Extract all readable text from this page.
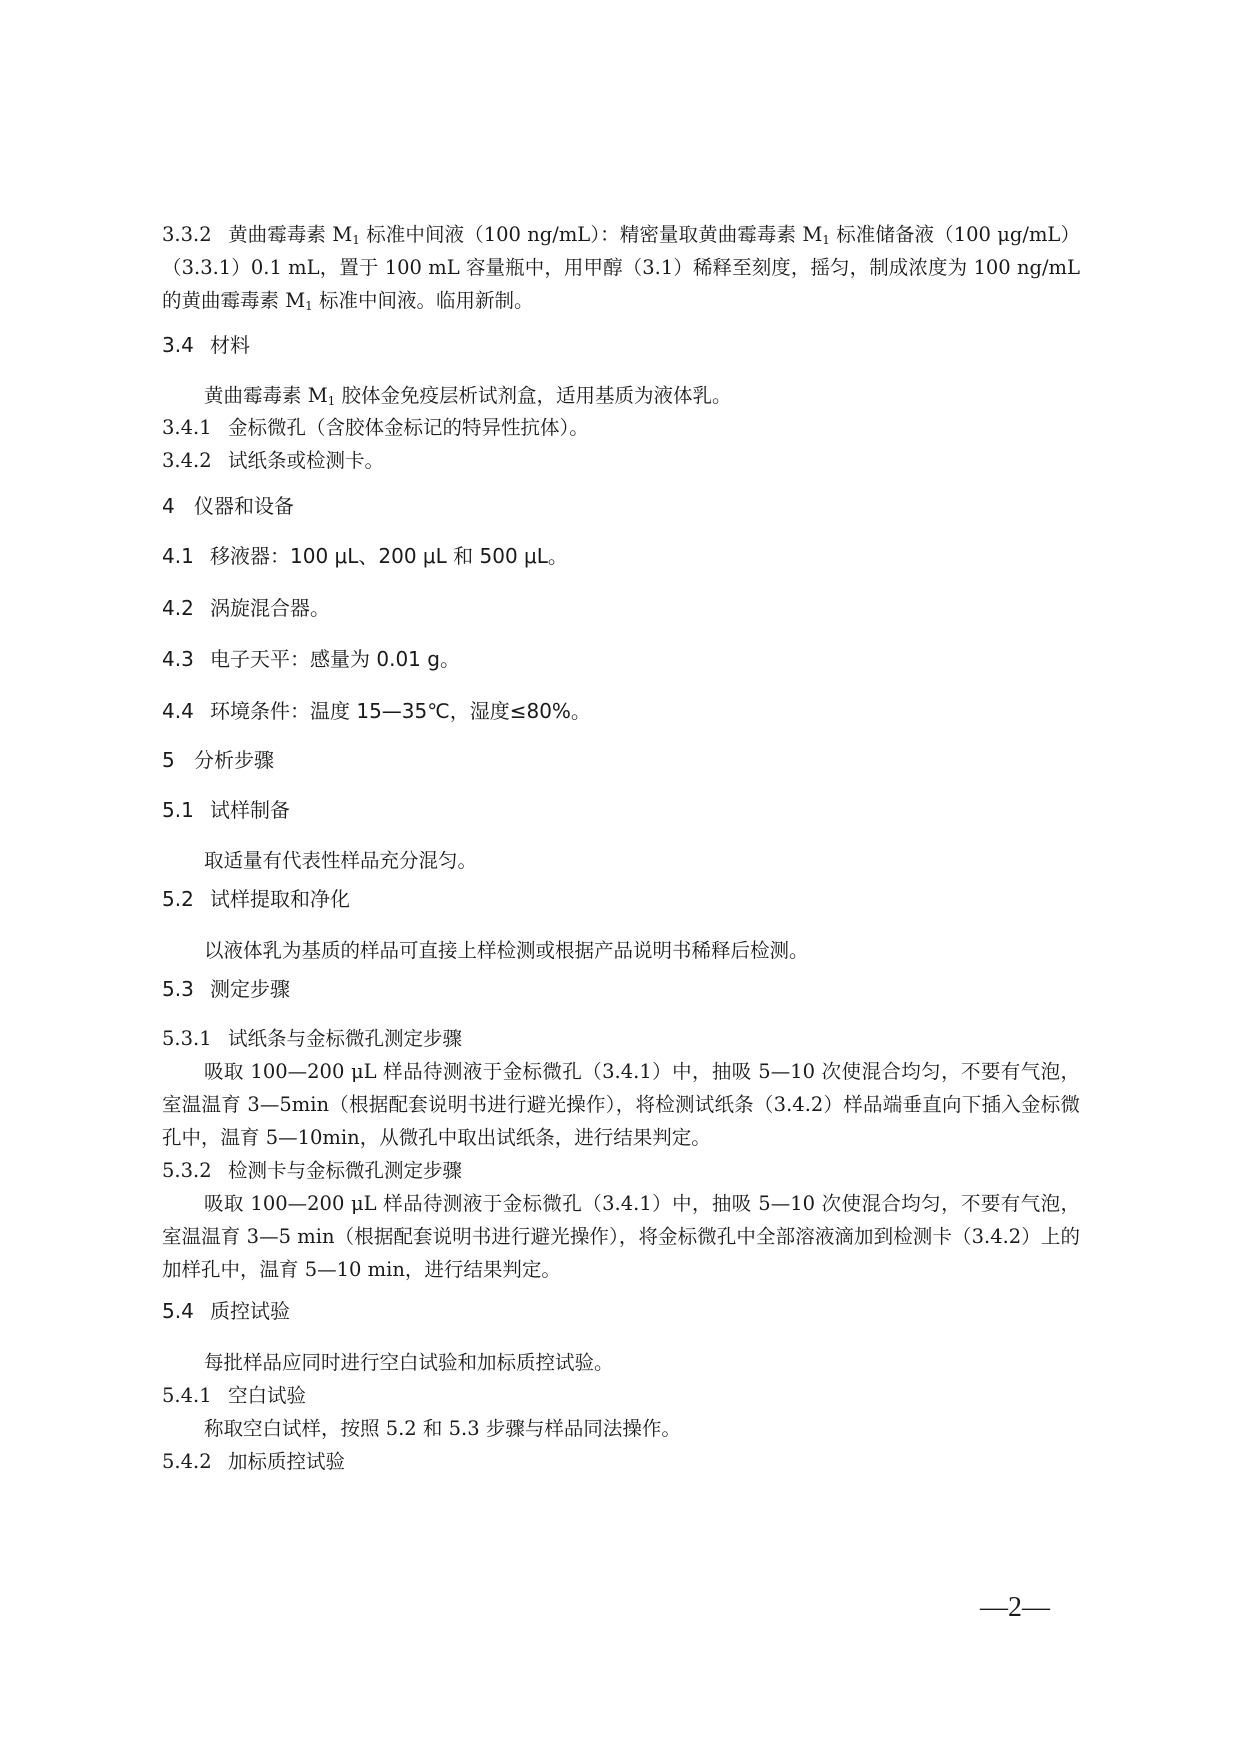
3.3.2 黄曲霉毒素 $M_1$ 标准中间液（100 ng/mL）：精密量取黄曲霉毒素 $M_1$ 标准储备液（100 μg/mL）（3.3.1）0.1 mL，置于 100 mL 容量瓶中，用甲醇（3.1）稀释至刻度，摇匀，制成浓度为 100 ng/mL 的黄曲霉毒素 $M_1$ 标准中间液。临用新制。
3.4 材料
黄曲霉毒素 $M_1$ 胶体金免疫层析试剂盒，适用基质为液体乳。
3.4.1 金标微孔（含胶体金标记的特异性抗体）。
3.4.2 试纸条或检测卡。
4 仪器和设备
4.1 移液器：100 μL、200 μL 和 500 μL。
4.2 涡旋混合器。
4.3 电子天平：感量为 0.01 g。
4.4 环境条件：温度 15—35℃，湿度≤80%。
5 分析步骤
5.1 试样制备
取适量有代表性样品充分混匀。
5.2 试样提取和净化
以液体乳为基质的样品可直接上样检测或根据产品说明书稀释后检测。
5.3 测定步骤
5.3.1 试纸条与金标微孔测定步骤
吸取 100—200 μL 样品待测液于金标微孔（3.4.1）中，抽吸 5—10 次使混合均匀，不要有气泡，室温温育 3—5min（根据配套说明书进行避光操作），将检测试纸条（3.4.2）样品端垂直向下插入金标微孔中，温育 5—10min，从微孔中取出试纸条，进行结果判定。
5.3.2 检测卡与金标微孔测定步骤
吸取 100—200 μL 样品待测液于金标微孔（3.4.1）中，抽吸 5—10 次使混合均匀，不要有气泡，室温温育 3—5 min（根据配套说明书进行避光操作），将金标微孔中全部溶液滴加到检测卡（3.4.2）上的加样孔中，温育 5—10 min，进行结果判定。
5.4 质控试验
每批样品应同时进行空白试验和加标质控试验。
5.4.1 空白试验
称取空白试样，按照 5.2 和 5.3 步骤与样品同法操作。
5.4.2 加标质控试验
—2—
